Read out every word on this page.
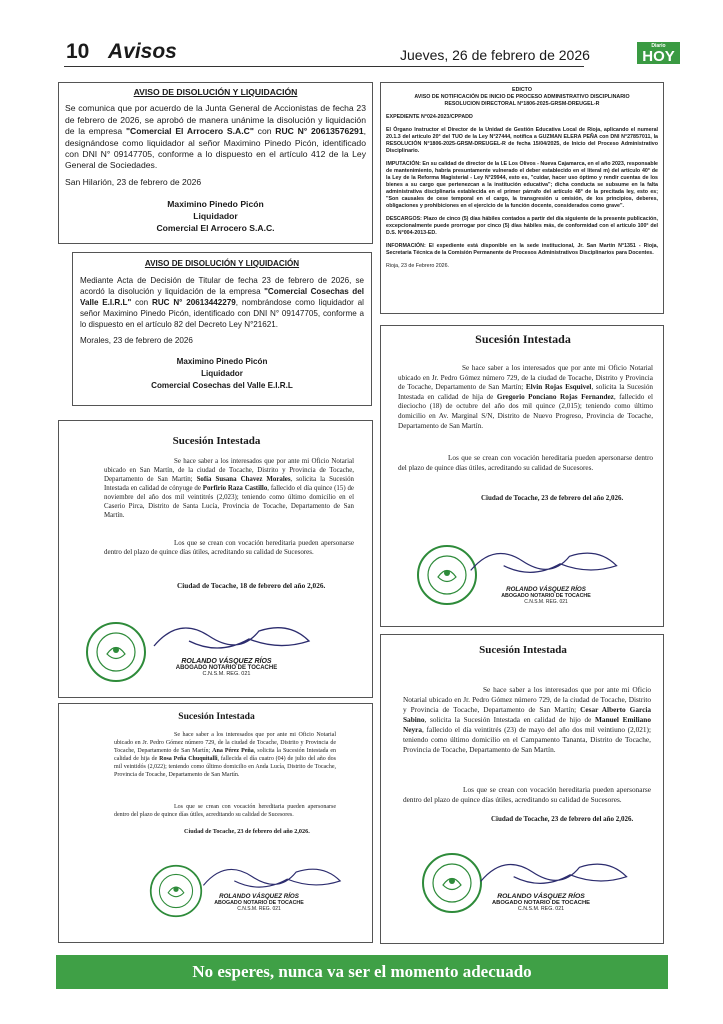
10 Avisos	Jueves, 26 de febrero de 2026
Diario
HOY
AVISO DE DISOLUCIÓN Y LIQUIDACIÓN

Se comunica que por acuerdo de la Junta General de Accionistas de fecha 23 de febrero de 2026, se aprobó de manera unánime la disolución y liquidación de la empresa "Comercial El Arrocero S.A.C" con RUC N° 20613576291, designándose como liquidador al señor Maximino Pinedo Picón, identificado con DNI N° 09147705, conforme a lo dispuesto en el artículo 412 de la Ley General de Sociedades.

San Hilarión, 23 de febrero de 2026

Maximino Pinedo Picón
Liquidador
Comercial El Arrocero S.A.C.
AVISO DE DISOLUCIÓN Y LIQUIDACIÓN

Mediante Acta de Decisión de Titular de fecha 23 de febrero de 2026, se acordó la disolución y liquidación de la empresa "Comercial Cosechas del Valle E.I.R.L" con RUC N° 20613442279, nombrándose como liquidador al señor Maximino Pinedo Picón, identificado con DNI N° 09147705, conforme a lo dispuesto en el artículo 82 del Decreto Ley N°21621.

Morales, 23 de febrero de 2026

Maximino Pinedo Picón
Liquidador
Comercial Cosechas del Valle E.I.R.L
EDICTO
AVISO DE NOTIFICACIÓN DE INICIO DE PROCESO ADMINISTRATIVO DISCIPLINARIO
RESOLUCION DIRECTORAL N°1806-2025-GRSM-DREUGEL-R

EXPEDIENTE N°024-2023/CPPADD

El Órgano Instructor el Director de la Unidad de Gestión Educativa Local de Rioja, aplicando el numeral 20.1.3 del artículo 20° del TUO de la Ley N°27444, notifica a GUZMAN ELERA PEÑA con DNI N°27857011, la RESOLUCIÓN N°1806-2025-GRSM-DREUGEL-R de fecha 15/04/2025, de Inicio del Proceso Administrativo Disciplinario.

IMPUTACIÓN: En su calidad de director de la I.E Los Olivos - Nueva Cajamarca, en el año 2023, responsable de mantenimiento, habría presuntamente vulnerado el deber establecido en el literal m) del artículo 40° de la Ley de la Reforma Magisterial - Ley N°29944, esto es, "cuidar, hacer uso óptimo y rendir cuentas de los bienes a su cargo que pertenezcan a la institución educativa"; dicha conducta se subsume en la falta administrativa disciplinaria establecida en el primer párrafo del artículo 48° de la precitada ley, esto es; "Son causales de cese temporal en el cargo, la transgresión u omisión, de los principios, deberes, obligaciones y prohibiciones en el ejercicio de la función docente, considerados como grave".

DESCARGOS: Plazo de cinco (5) días hábiles contados a partir del día siguiente de la presente publicación, excepcionalmente puede prorrogar por cinco (5) días hábiles más, de conformidad con el artículo 100° del D.S. N°004-2013-ED.

INFORMACIÓN: El expediente está disponible en la sede institucional, Jr. San Martín N°1351 - Rioja, Secretaria Técnica de la Comisión Permanente de Procesos Administrativos Disciplinarios para Docentes.

Rioja, 23 de Febrero 2026.

Sucesión Intestada

Se hace saber a los interesados que por ante mi Oficio Notarial ubicado en San Martín, de la ciudad de Tocache, Distrito y Provincia de Tocache, Departamento de San Martín; Sofía Susana Chavez Morales, solicita la Sucesión Intestada en calidad de cónyuge de Porfirio Raza Castillo, fallecido el día quince (15) de noviembre del año dos mil veintitrés (2,023); teniendo como último domicilio en el Caserio Pirca, Distrito de Santa Lucía, Provincia de Tocache, Departamento de San Martín.

Los que se crean con vocación hereditaria pueden apersonarse dentro del plazo de quince días útiles, acreditando su calidad de Sucesores.

Ciudad de Tocache, 18 de febrero del año 2,026.

ROLANDO VÁSQUEZ RÍOS
ABOGADO NOTARIO DE TOCACHE
C.N.S.M. REG. 021
Sucesión Intestada

Se hace saber a los interesados que por ante mi Oficio Notarial ubicado en Jr. Pedro Gómez número 729, de la ciudad de Tocache, Distrito y Provincia de Tocache, Departamento de San Martín; Ana Pérez Peña, solicita la Sucesión Intestada en calidad de hija de Rosa Peña Chuquitalli, fallecida el día cuatro (04) de julio del año dos mil veintidós (2,022); teniendo como último domicilio en Anda Lucía, Distrito de Tocache, Provincia de Tocache, Departamento de San Martín.

Los que se crean con vocación hereditaria pueden apersonarse dentro del plazo de quince días útiles, acreditando su calidad de Sucesores.

Ciudad de Tocache, 23 de febrero del año 2,026.

ROLANDO VÁSQUEZ RÍOS
ABOGADO NOTARIO DE TOCACHE
C.N.S.M. REG. 021
Sucesión Intestada

Se hace saber a los interesados que por ante mi Oficio Notarial ubicado en Jr. Pedro Gómez número 729, de la ciudad de Tocache, Distrito y Provincia de Tocache, Departamento de San Martín; Elvin Rojas Esquivel, solicita la Sucesión Intestada en calidad de hija de Gregorio Ponciano Rojas Fernandez, fallecido el dieciocho (18) de octubre del año dos mil quince (2,015); teniendo como último domicilio en Av. Marginal S/N, Distrito de Nuevo Progreso, Provincia de Tocache, Departamento de San Martín.

Los que se crean con vocación hereditaria pueden apersonarse dentro del plazo de quince días útiles, acreditando su calidad de Sucesores.

Ciudad de Tocache, 23 de febrero del año 2,026.

ROLANDO VÁSQUEZ RÍOS
ABOGADO NOTARIO DE TOCACHE
C.N.S.M. REG. 021
Sucesión Intestada

Se hace saber a los interesados que por ante mi Oficio Notarial ubicado en Jr. Pedro Gómez número 729, de la ciudad de Tocache, Distrito y Provincia de Tocache, Departamento de San Martín; Cesar Alberto Garcia Sabino, solicita la Sucesión Intestada en calidad de hijo de Manuel Emiliano Neyra, fallecido el día veintitrés (23) de mayo del año dos mil veintiuno (2,021); teniendo como último domicilio en el Campamento Tananta, Distrito de Tocache, Provincia de Tocache, Departamento de San Martín.

Los que se crean con vocación hereditaria pueden apersonarse dentro del plazo de quince días útiles, acreditando su calidad de Sucesores.

Ciudad de Tocache, 23 de febrero del año 2,026.

ROLANDO VÁSQUEZ RÍOS
ABOGADO NOTARIO DE TOCACHE
C.N.S.M. REG. 021
No esperes, nunca va ser el momento adecuado
